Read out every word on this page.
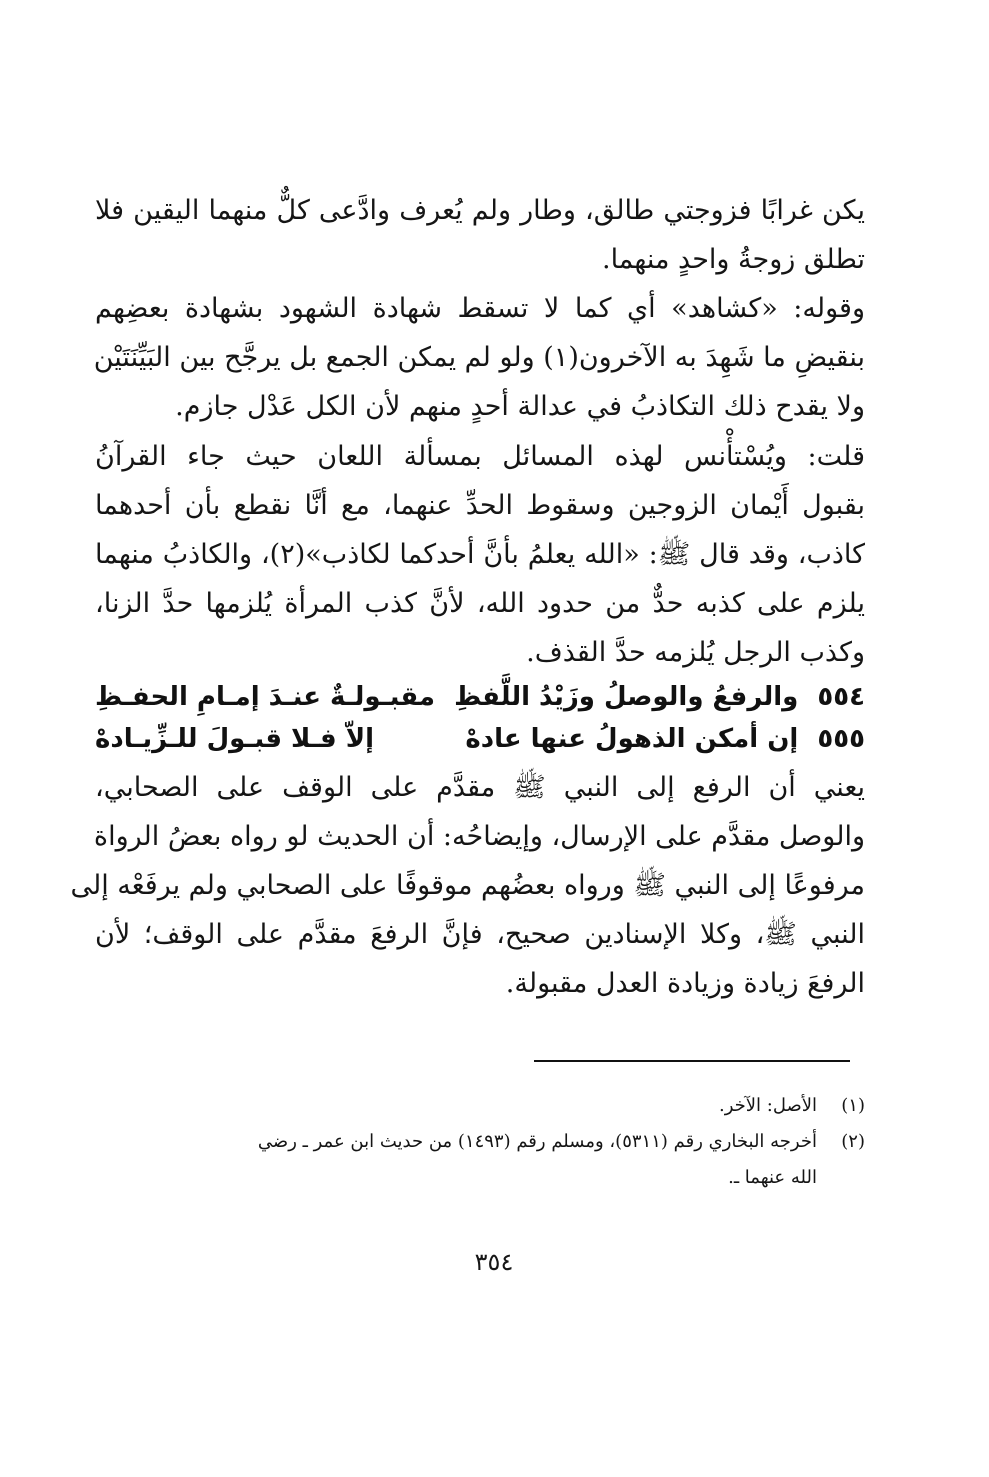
يكن غرابًا فزوجتي طالق، وطار ولم يُعرف وادَّعى كلٌّ منهما اليقين فلا
تطلق زوجةُ واحدٍ منهما.
وقوله: «كشاهد» أي كما لا تسقط شهادة الشهود بشهادة بعضِهم
بنقيضِ ما شَهِدَ به الآخرون(١) ولو لم يمكن الجمع بل يرجَّح بين البَيِّنَتَيْن
ولا يقدح ذلك التكاذبُ في عدالة أحدٍ منهم لأن الكل عَدْل جازم.
قلت: ويُسْتأْنس لهذه المسائل بمسألة اللعان حيث جاء القرآنُ
بقبول أَيْمان الزوجين وسقوط الحدِّ عنهما، مع أنَّا نقطع بأن أحدهما
كاذب، وقد قال ﷺ: «الله يعلمُ بأنَّ أحدكما لكاذب»(٢)، والكاذبُ منهما
يلزم على كذبه حدٌّ من حدود الله، لأنَّ كذب المرأة يُلزمها حدَّ الزنا،
وكذب الرجل يُلزمه حدَّ القذف.
٥٥٤ والرفعُ والوصلُ وزَيْدُ اللَّفظِ
مقبـولـةٌ عنـدَ إمـامِ الحفـظِ
٥٥٥ إن أمكن الذهولُ عنها عادهْ
إلاّ فـلا قبـولَ للـزِّيـادهْ
يعني أن الرفع إلى النبي ﷺ مقدَّم على الوقف على الصحابي،
والوصل مقدَّم على الإرسال، وإيضاحُه: أن الحديث لو رواه بعضُ الرواة
مرفوعًا إلى النبي ﷺ ورواه بعضُهم موقوفًا على الصحابي ولم يرفَعْه إلى
النبي ﷺ، وكلا الإسنادين صحيح، فإنَّ الرفعَ مقدَّم على الوقف؛ لأن
الرفعَ زيادة وزيادة العدل مقبولة.
(١)
الأصل: الآخر.
(٢)
أخرجه البخاري رقم (٥٣١١)، ومسلم رقم (١٤٩٣) من حديث ابن عمر ـ رضي
الله عنهما ـ.
٣٥٤
